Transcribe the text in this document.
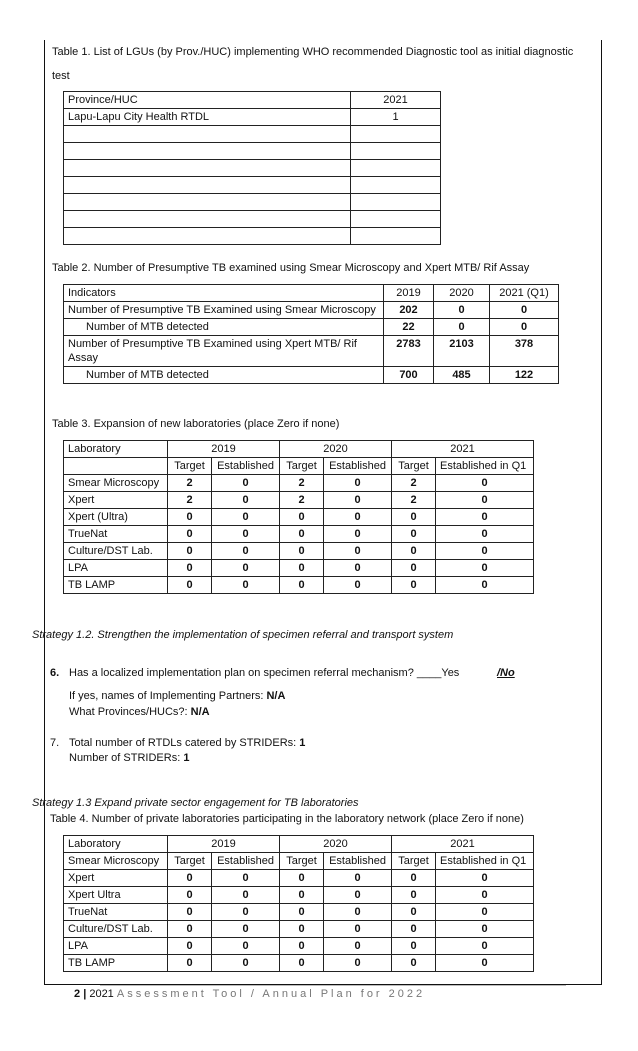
Table 1. List of LGUs (by Prov./HUC) implementing WHO recommended Diagnostic tool as initial diagnostic
test
Province/HUC	2021
Lapu-Lapu City Health RTDL	1

Table 2. Number of Presumptive TB examined using Smear Microscopy and Xpert MTB/ Rif Assay
Indicators	2019	2020	2021 (Q1)
Number of Presumptive TB Examined using Smear Microscopy	202	0	0
Number of MTB detected	22	0	0
Number of Presumptive TB Examined using Xpert MTB/ Rif Assay	2783	2103	378
Number of MTB detected	700	485	122
Table 3. Expansion of new laboratories (place Zero if none)
Laboratory	2019		2020		2021	
	Target	Established	Target	Established	Target	Established in Q1
Smear Microscopy	2	0	2	0	2	0
Xpert	2	0	2	0	2	0
Xpert (Ultra)	0	0	0	0	0	0
TrueNat	0	0	0	0	0	0
Culture/DST Lab.	0	0	0	0	0	0
LPA	0	0	0	0	0	0
TB LAMP	0	0	0	0	0	0
Strategy 1.2. Strengthen the implementation of specimen referral and transport system
6. Has a localized implementation plan on specimen referral mechanism? ____Yes	/No
If yes, names of Implementing Partners: N/A
What Provinces/HUCs?: N/A
7. Total number of RTDLs catered by STRIDERs: 1
Number of STRIDERs: 1
Strategy 1.3 Expand private sector engagement for TB laboratories
Table 4. Number of private laboratories participating in the laboratory network (place Zero if none)
Laboratory	2019		2020		2021	
Smear Microscopy	Target	Established	Target	Established	Target	Established in Q1
Xpert	0	0	0	0	0	0
Xpert Ultra	0	0	0	0	0	0
TrueNat	0	0	0	0	0	0
Culture/DST Lab.	0	0	0	0	0	0
LPA	0	0	0	0	0	0
TB LAMP	0	0	0	0	0	0
2 | 2021 Assessment Tool / Annual Plan for 2022
